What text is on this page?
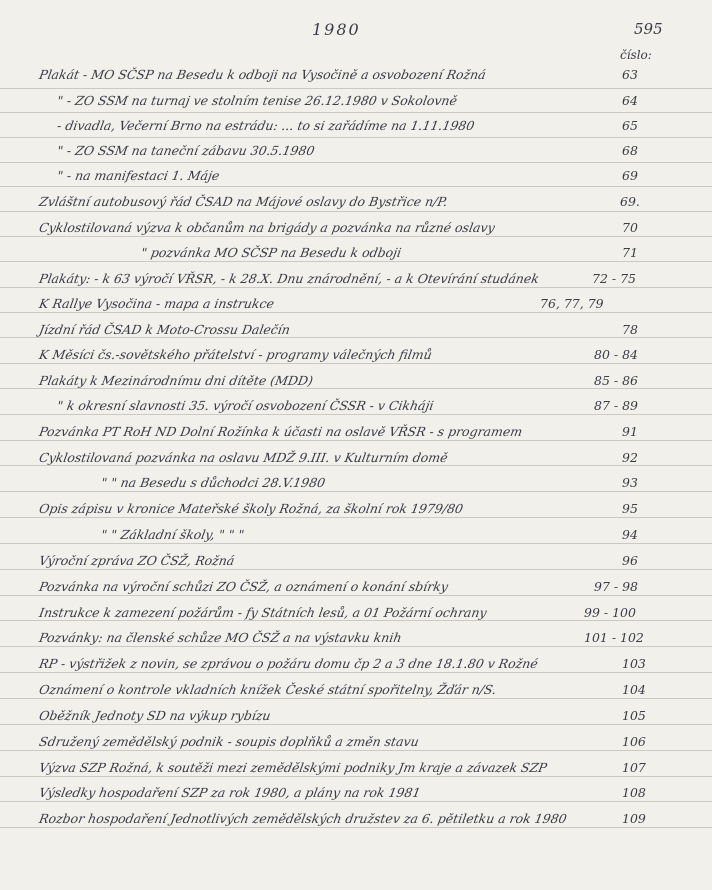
1980	595
číslo:
Plakát - MO SČSP na Besedu k odboji na Vysočině a osvobození Rožná	63
" - ZO SSM na turnaj ve stolním tenise 26.12.1980 v Sokolovně	64
- divadla, Večerní Brno na estrádu: ... to si zařádíme na 1.11.1980	65
" - ZO SSM na taneční zábavu 30.5.1980	68
" - na manifestaci 1. Máje	69
Zvláštní autobusový řád ČSAD na Májové oslavy do Bystřice n/P.	69.
Cyklostilovaná výzva k občanům na brigády a pozvánka na různé oslavy	70
" pozvánka MO SČSP na Besedu k odboji	71
Plakáty: - k 63 výročí VŘSR, - k 28.X. Dnu znárodnění, - a k Otevírání studánek	72 - 75
K Rallye Vysočina - mapa a instrukce	76, 77, 79
Jízdní řád ČSAD k Moto-Crossu Dalečín	78
K Měsíci čs.-sovětského přátelství - programy válečných filmů	80 - 84
Plakáty k Mezinárodnímu dni dítěte (MDD)	85 - 86
" k okresní slavnosti 35. výročí osvobození ČSSR - v Cikháji	87 - 89
Pozvánka PT RoH ND Dolní Rožínka k účasti na oslavě VŘSR - s programem	91
Cyklostilovaná pozvánka na oslavu MDŽ 9.III. v Kulturním domě	92
" " na Besedu s důchodci 28.V.1980	93
Opis zápisu v kronice Mateřské školy Rožná, za školní rok 1979/80	95
" " Základní školy, " " "	94
Výroční zpráva ZO ČSŽ, Rožná	96
Pozvánka na výroční schůzi ZO ČSŽ, a oznámení o konání sbírky	97 - 98
Instrukce k zamezení požárům - fy Státních lesů, a 01 Požární ochrany	99 - 100
Pozvánky: na členské schůze MO ČSŽ a na výstavku knih	101 - 102
RP - výstřižek z novin, se zprávou o požáru domu čp 2 a 3 dne 18.1.80 v Rožné	103
Oznámení o kontrole vkladních knížek České státní spořitelny, Žďár n/S.	104
Oběžník Jednoty SD na výkup rybízu	105
Sdružený zemědělský podnik - soupis doplňků a změn stavu	106
Výzva SZP Rožná, k soutěži mezi zemědělskými podniky Jm kraje a závazek SZP	107
Výsledky hospodaření SZP za rok 1980, a plány na rok 1981	108
Rozbor hospodaření Jednotlivých zemědělských družstev za 6. pětiletku a rok 1980	109
